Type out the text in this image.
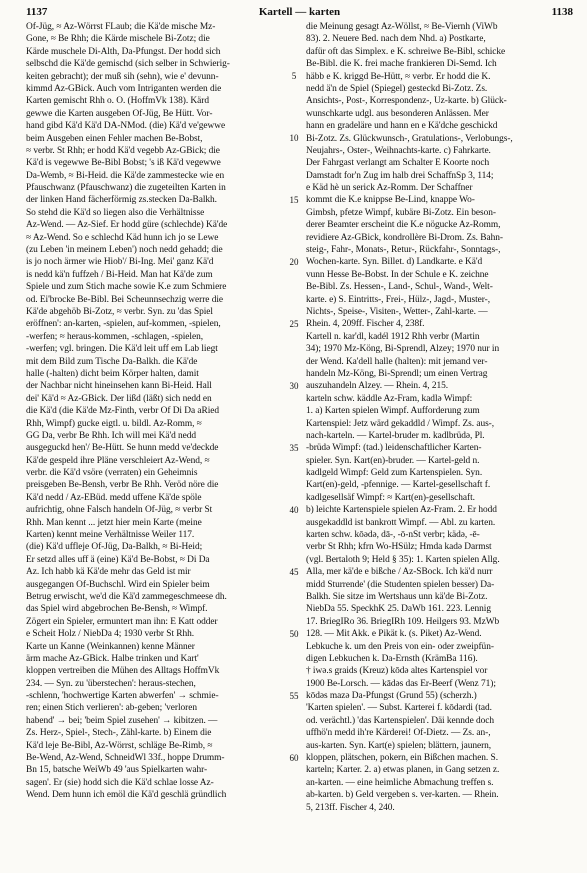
1137	Kartell — karten	1138
Of-Jüg, ≈ Az-Wörrst FLaub; die Kä'de mische Mz-
Gone, ≈ Be Rhh; die Kärde mischele Bi-Zotz; die
Kärde muschele Di-Alth, Da-Pfungst. Der hodd sich
selbschd die Kä'de gemischd (sich selber in Schwierig-
keiten gebracht); der muß sih (sehn), wie e' devunn-
kimmd Az-GBick. Auch vom Intriganten werden die
Karten gemischt Rhh o. O. (HoffmVk 138). Kärd
gewwe die Karten ausgeben Of-Jüg, Be Hütt. Vor-
hand gibd Kä'd Kä'd DA-NMod. (die) Kä'd ve'gewwe
beim Ausgeben einen Fehler machen Be-Bobst,
≈ verbr. St Rhh; er hodd Kä'd vegebb Az-GBick; die
Kä'd is vegewwe Be-Bibl Bobst; 's iß Kä'd vegewwe
Da-Wemb, ≈ Bi-Heid. die Kä'de zammestecke wie en
Pfauschwanz (Pfauschwanz) die zugeteilten Karten in
der linken Hand fächerförmig zs.stecken Da-Balkh.
So stehd die Kä'd so liegen also die Verhältnisse
Az-Wend. — Az-Sief. Er hodd güre (schlechde) Kä'de
≈ Az-Wend. So e schlechd Käd hunn ich jo se Lewe
(zu Leben 'in meinem Leben') noch nedd gehadd; die
is jo noch ärmer wie Hiob'/ Bi-Ing. Mei' ganz Kä'd
is nedd kä'n fuffzeh / Bi-Heid. Man hat Kä'de zum
Spiele und zum Stich mache sowie K.e zum Schmiere
od. Ei'brocke Be-Bibl. Bei Scheunnsechzig werre die
Kä'de abgehöb Bi-Zotz, ≈ verbr. Syn. zu 'das Spiel
eröffnen': an-karten, -spielen, auf-kommen, -spielen,
-werfen; ≈ heraus-kommen, -schlagen, -spielen,
-werfen; vgl. bringen. Die Kä'd leit uff em Lab liegt
mit dem Bild zum Tische Da-Balkh. die Kä'de
halle (-halten) dicht beim Körper halten, damit
der Nachbar nicht hineinsehen kann Bi-Heid. Hall
dei' Kä'd ≈ Az-GBick. Der lißd (läßt) sich nedd en
die Kä'd (die Kä'de Mz-Finth, verbr Of Di Da aRied
Rhh, Wimpf) gucke eigtl. u. bildl. Az-Romm, ≈
GG Da, verbr Be Rhh. Ich will mei Kä'd nedd
ausgeguckd hen'/ Be-Hütt. Se hunn medd ve'deckde
Kä'de gespeld ihre Pläne verschleiert Az-Wend, ≈
verbr. die Kä'd vsöre (verraten) ein Geheimnis
preisgeben Be-Bensh, verbr Be Rhh. Veröd nöre die
Kä'd nedd / Az-EBüd. medd uffene Kä'de spöle
aufrichtig, ohne Falsch handeln Of-Jüg, ≈ verbr St
Rhh. Man kennt ... jetzt hier mein Karte (meine
Karten) kennt meine Verhältnisse Weiler 117.
(die) Kä'd uffleje Of-Jüg, Da-Balkh, ≈ Bi-Heid;
Er setzd alles uff ä (eine) Kä'd Be-Bobst, ≈ Di Da
Az. Ich habb kä Kä'de mehr das Geld ist mir
ausgegangen Of-Buchschl. Wird ein Spieler beim
Betrug erwischt, we'd die Kä'd zammegeschmeese dh.
das Spiel wird abgebrochen Be-Bensh, ≈ Wimpf.
Zögert ein Spieler, ermuntert man ihn: E Katt odder
e Scheit Holz / NiebDa 4; 1930 verbr St Rhh.
Karte un Kanne (Weinkannen) kenne Männer
ärm mache Az-GBick. Halbe trinken und Kart'
kloppen vertreiben die Mühen des Alltags HoffmVk
234. — Syn. zu 'überstechen': heraus-stechen,
-schlenn, 'hochwertige Karten abwerfen' → schmie-
ren; einen Stich verlieren': ab-geben; 'verloren
habend' → bei; 'beim Spiel zusehen' → kibitzen. —
Zs. Herz-, Spiel-, Stech-, Zähl-karte. b) Einem die
Kä'd leje Be-Bibl, Az-Wörrst, schläge Be-Rimb, ≈
Be-Wend, Az-Wend, SchneidWl 33f., hoppe Drumm-
Bn 15, batsche WeiWb 49 'aus Spielkarten wahr-
sagen'. Er (sie) hodd sich die Kä'd schlae losse Az-
Wend. Dem hunn ich emöl die Kä'd geschlä gründlich
5
10
15
20
25
30
35
40
45
50
55
60
die Meinung gesagt Az-Wöllst, ≈ Be-Viernh (ViWb
83). 2. Neuere Bed. nach dem Nhd. a) Postkarte,
dafür oft das Simplex. e K. schreiwe Be-Bibl, schicke
Be-Bibl. die K. frei mache frankieren Di-Semd. Ich
häbb e K. kriggd Be-Hütt, ≈ verbr. Er hodd die K.
nedd ä'n de Spiel (Spiegel) gesteckd Bi-Zotz. Zs.
Ansichts-, Post-, Korrespondenz-, Uz-karte. b) Glück-
wunschkarte udgl. aus besonderen Anlässen. Mer
hann en gradeläre und hann en e Kä'dche geschickd
Bi-Zotz. Zs. Glückwunsch-, Gratulations-, Verlobungs-,
Neujahrs-, Oster-, Weihnachts-karte. c) Fahrkarte.
Der Fahrgast verlangt am Schalter E Koorte noch
Damstadt for'n Zug im halb drei SchaffnSp 3, 114;
e Käd hè un serick Az-Romm. Der Schaffner
kommt die K.e knippse Be-Lind, knappe Wo-
Gimbsh, pfetze Wimpf, kubäre Bi-Zotz. Ein beson-
derer Beamter erscheint die K.e nögucke Az-Romm,
revidiere Az-GBick, kondrollère Bi-Drom. Zs. Bahn-
steig-, Fahr-, Monats-, Retur-, Rückfahr-, Sonntags-,
Wochen-karte. Syn. Billet. d) Landkarte. e Kä'd
vunn Hesse Be-Bobst. In der Schule e K. zeichne
Be-Bibl. Zs. Hessen-, Land-, Schul-, Wand-, Welt-
karte. e) S. Eintritts-, Frei-, Hülz-, Jagd-, Muster-,
Nichts-, Speise-, Visiten-, Wetter-, Zahl-karte. —
Rhein. 4, 209ff. Fischer 4, 238f.
Kartell n. kar'dl, kadél 1912 Rhh verbr (Martin
34); 1970 Mz-Köng, Bi-Sprendl, Alzey; 1970 nur in
der Wend. Ka'dell halle (halten): mit jemand ver-
handeln Mz-Köng, Bi-Sprendl; um einen Vertrag
auszuhandeln Alzey. — Rhein. 4, 215.
karteln schw. käddle Az-Fram, kadlə Wimpf:
1. a) Karten spielen Wimpf. Aufforderung zum
Kartenspiel: Jetz wärd gekaddld / Wimpf. Zs. aus-,
nach-karteln. — Kartel-bruder m. kadlbrüdə, Pl.
-brüdə Wimpf: (tad.) leidenschaftlicher Karten-
spieler. Syn. Kart(en)-bruder. — Kartel-geld n.
kadlgeld Wimpf: Geld zum Kartenspielen. Syn.
Kart(en)-geld, -pfennige. — Kartel-gesellschaft f.
kadlgesellsäf Wimpf: ≈ Kart(en)-gesellschaft.
b) leichte Kartenspiele spielen Az-Fram. 2. Er hodd
ausgekaddld ist bankrott Wimpf. — Abl. zu karten.
karten schw. kōədə, dā-, -ō-nSt verbr; kädə, -ē-
verbr St Rhh; kfrn Wo-HSülz; Hmda kadə Darmst
(vgl. Bertaloth 9; Held § 35): 1. Karten spielen Allg.
Alla, mer kä'de e bißche / Az-SBock. Ich kä'd nurr
midd Sturrende' (die Studenten spielen besser) Da-
Balkh. Sie sitze im Wertshaus unn kä'de Bi-Zotz.
NiebDa 55. SpeckhK 25. DaWb 161. 223. Lennig
17. BriegIRo 36. BriegIRh 109. Heilgers 93. MzWb
128. — Mit Akk. e Pikät k. (s. Piket) Az-Wend.
Lebkuche k. um den Preis von ein- oder zweipfün-
digen Lebkuchen k. Da-Ernsth (KrämBa 116).
† iwə.s graids (Kreuz) kōdə altes Kartenspiel vor
1900 Be-Lorsch. — kādəs das Er-Beerf (Wenz 71);
kōdəs mazə Da-Pfungst (Grund 55) (scherzh.)
'Karten spielen'. — Subst. Karterei f. kōdərdi (tad.
od. verächtl.) 'das Kartenspielen'. Däi kennde doch
uffhö'n medd ih're Kärderei! Of-Dietz. — Zs. an-,
aus-karten. Syn. Kart(e) spielen; blättern, jaunern,
kloppen, plätschen, pokern, ein Bißchen machen. S.
karteln; Karter. 2. a) etwas planen, in Gang setzen z.
an-karten. — eine heimliche Abmachung treffen s.
ab-karten. b) Geld vergeben s. ver-karten. — Rhein.
5, 213ff. Fischer 4, 240.
